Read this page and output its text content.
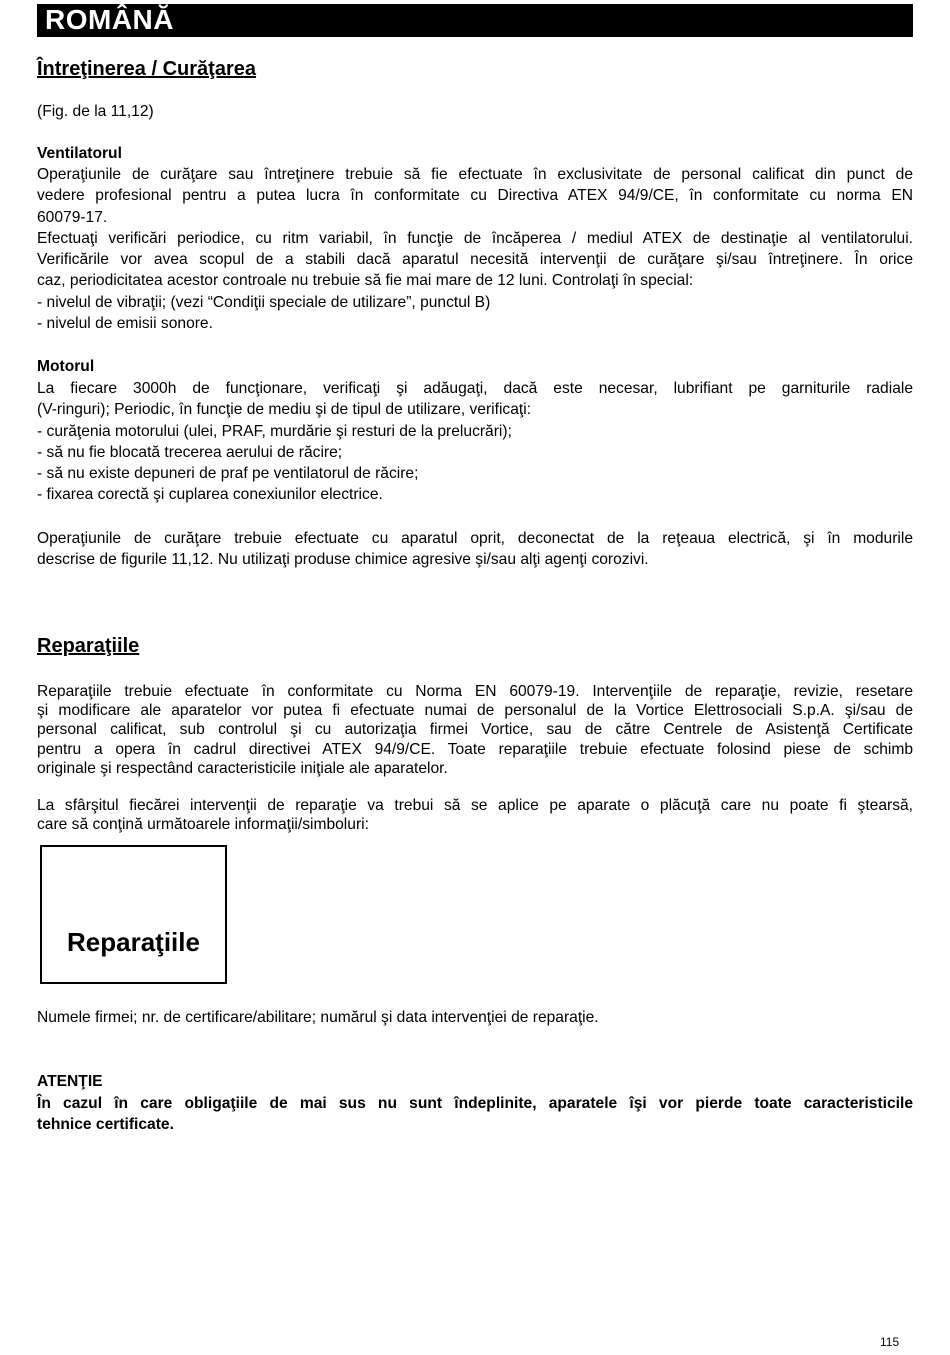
ROMÂNĂ
Întreţinerea / Curăţarea
(Fig. de la 11,12)
Ventilatorul
Operaţiunile de curăţare sau întreţinere trebuie să fie efectuate în exclusivitate de personal calificat din punct de
vedere profesional pentru a putea lucra în conformitate cu Directiva ATEX 94/9/CE, în conformitate cu norma EN
60079-17.
Efectuaţi verificări periodice, cu ritm variabil, în funcţie de încăperea / mediul ATEX de destinaţie al ventilatorului.
Verificările vor avea scopul de a stabili dacă aparatul necesită intervenţii de curăţare şi/sau întreţinere. În orice
caz, periodicitatea acestor controale nu trebuie să fie mai mare de 12 luni. Controlaţi în special:
- nivelul de vibraţii; (vezi “Condiţii speciale de utilizare”, punctul B)
- nivelul de emisii sonore.
Motorul
La fiecare 3000h de funcţionare, verificaţi şi adăugaţi, dacă este necesar, lubrifiant pe garniturile radiale
(V-ringuri); Periodic, în funcţie de mediu şi de tipul de utilizare, verificaţi:
- curăţenia motorului (ulei, PRAF, murdărie şi resturi de la prelucrări);
- să nu fie blocată trecerea aerului de răcire;
- să nu existe depuneri de praf pe ventilatorul de răcire;
- fixarea corectă şi cuplarea conexiunilor electrice.
Operaţiunile de curăţare trebuie efectuate cu aparatul oprit, deconectat de la reţeaua electrică, şi în modurile
descrise de figurile 11,12. Nu utilizaţi produse chimice agresive şi/sau alţi agenţi corozivi.
Reparaţiile
Reparaţiile trebuie efectuate în conformitate cu Norma EN 60079-19. Intervenţiile de reparaţie, revizie, resetare
şi modificare ale aparatelor vor putea fi efectuate numai de personalul de la Vortice Elettrosociali S.p.A. şi/sau de
personal calificat, sub controlul şi cu autorizaţia firmei Vortice, sau de către Centrele de Asistenţă Certificate
pentru a opera în cadrul directivei ATEX 94/9/CE. Toate reparaţiile trebuie efectuate folosind piese de schimb
originale şi respectând caracteristicile iniţiale ale aparatelor.
La sfârşitul fiecărei intervenţii de reparaţie va trebui să se aplice pe aparate o plăcuţă care nu poate fi ştearsă,
care să conţină următoarele informaţii/simboluri:
Reparaţiile
Numele firmei; nr. de certificare/abilitare; numărul şi data intervenţiei de reparaţie.
ATENŢIE
În cazul în care obligaţiile de mai sus nu sunt îndeplinite, aparatele îşi vor pierde toate caracteristicile
tehnice certificate.
115
